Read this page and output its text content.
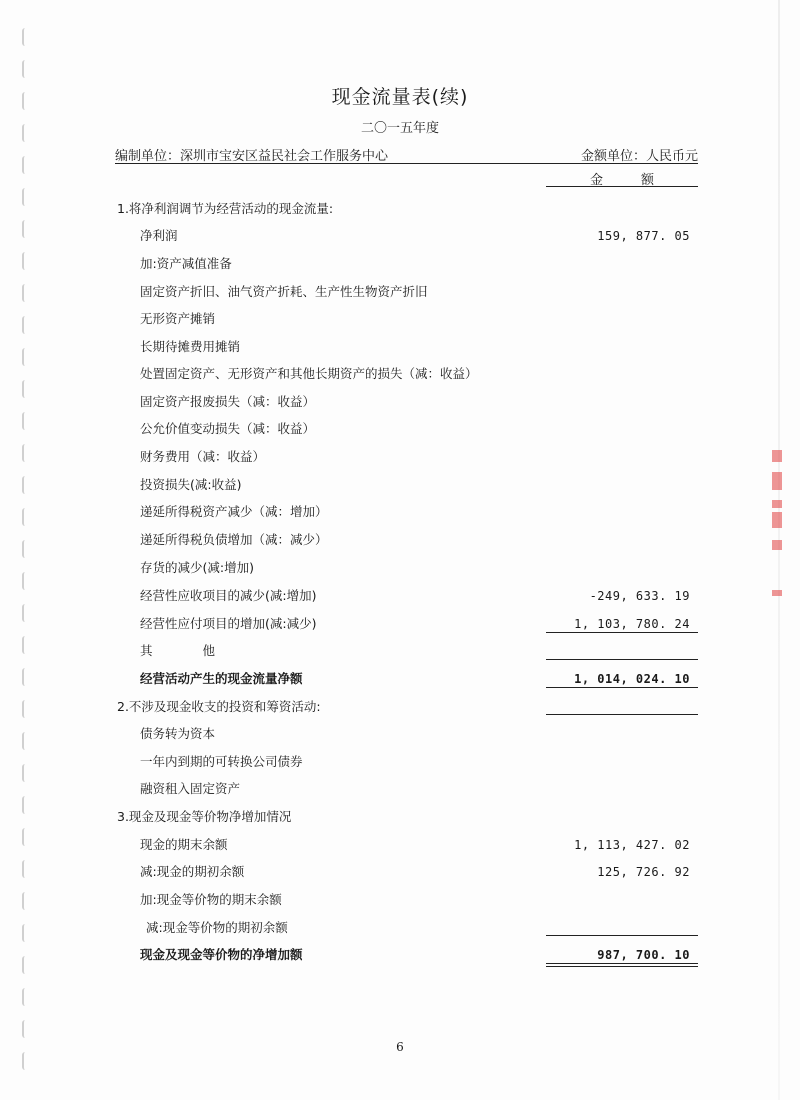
现金流量表(续)
二〇一五年度
编制单位：深圳市宝安区益民社会工作服务中心	金额单位：人民币元
金额
1.将净利润调节为经营活动的现金流量:
净利润	159, 877. 05
加:资产减值准备
固定资产折旧、油气资产折耗、生产性生物资产折旧
无形资产摊销
长期待摊费用摊销
处置固定资产、无形资产和其他长期资产的损失（减：收益）
固定资产报废损失（减：收益）
公允价值变动损失（减：收益）
财务费用（减：收益）
投资损失(减:收益)
递延所得税资产减少（减：增加）
递延所得税负债增加（减：减少）
存货的减少(减:增加)
经营性应收项目的减少(减:增加)	-249, 633. 19
经营性应付项目的增加(减:减少)	1, 103, 780. 24
其　　　　他
经营活动产生的现金流量净额	1, 014, 024. 10
2.不涉及现金收支的投资和筹资活动:
债务转为资本
一年内到期的可转换公司债券
融资租入固定资产
3.现金及现金等价物净增加情况
现金的期末余额	1, 113, 427. 02
减:现金的期初余额	125, 726. 92
加:现金等价物的期末余额
减:现金等价物的期初余额
现金及现金等价物的净增加额	987, 700. 10
6
